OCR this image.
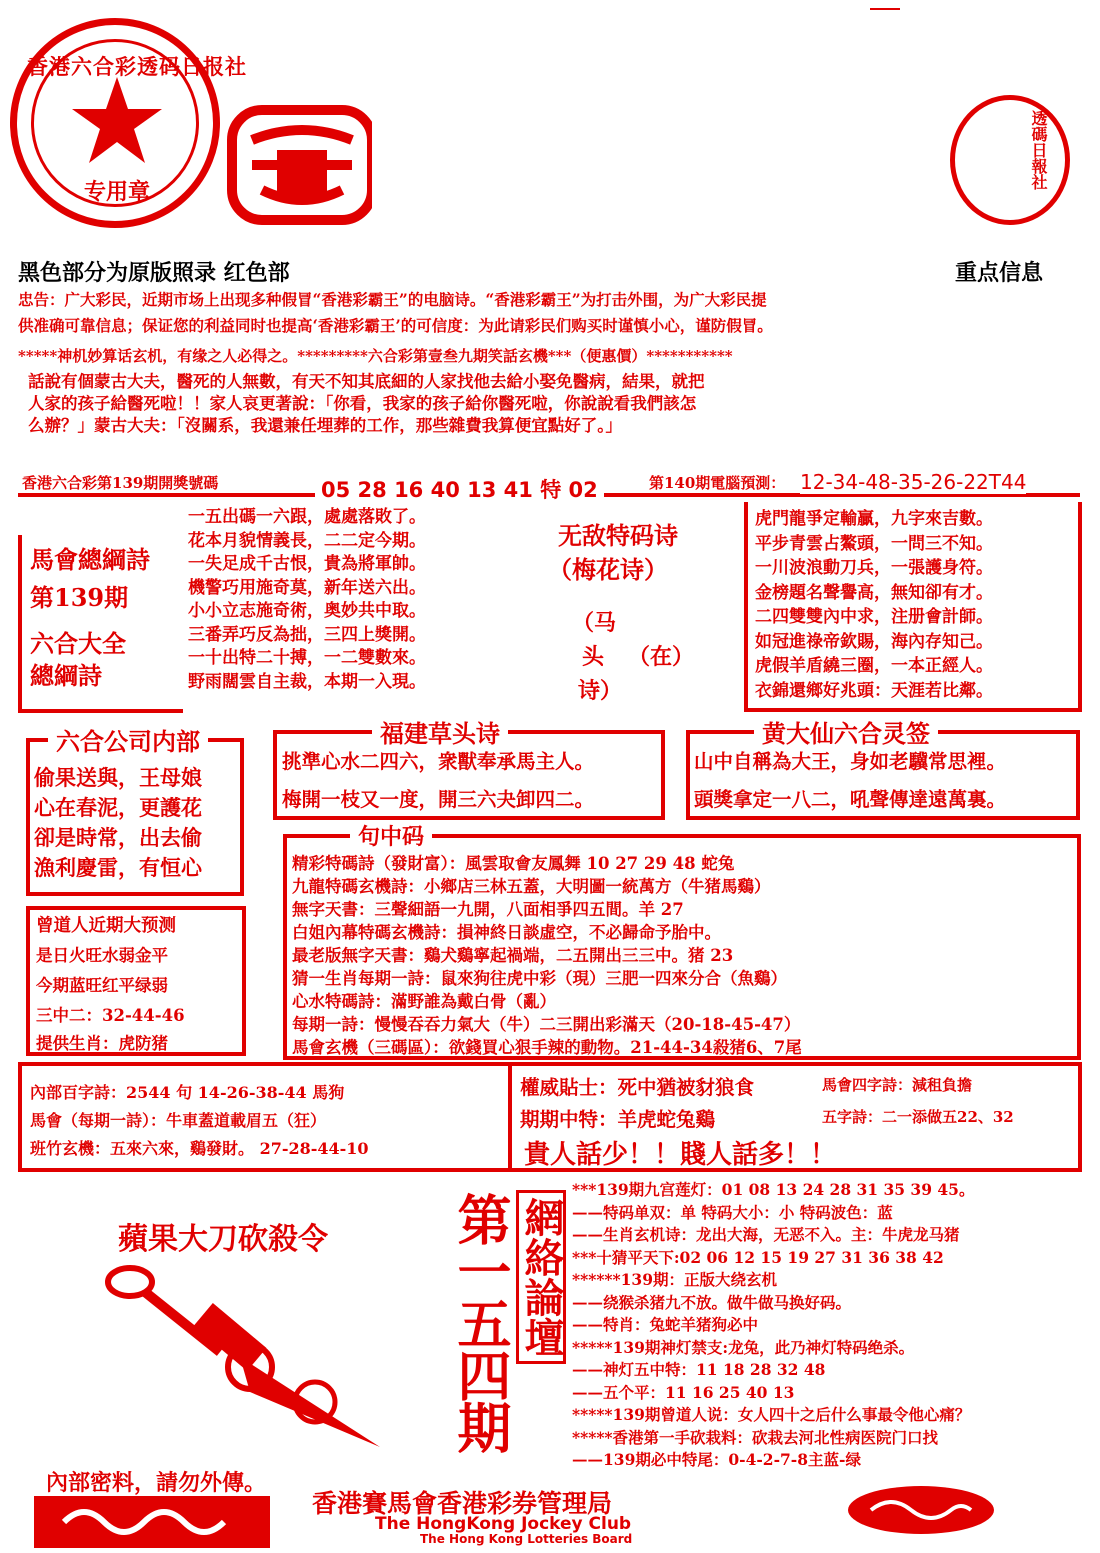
香港六合彩透码日报社
专用章
透碼日報社
黑色部分为原版照录 红色部	重点信息
忠告：广大彩民，近期市场上出现多种假冒“香港彩霸王”的电脑诗。“香港彩霸王”为打击外围，为广大彩民提
供准确可靠信息；保证您的利益同时也提高‘香港彩霸王’的可信度：为此请彩民们购买时谨慎小心，谨防假冒。
*****神机妙算话玄机，有缘之人必得之。*********六合彩第壹叁九期笑話玄機***（便惠價）***********
話說有個蒙古大夫，醫死的人無數，有天不知其底細的人家找他去給小娶免醫病，結果，就把
人家的孩子給醫死啦！！家人哀更著說：「你看，我家的孩子給你醫死啦，你說說看我們該怎
么辦？」蒙古大夫：「沒關系，我還兼任埋葬的工作，那些雜費我算便宜點好了。」
香港六合彩第139期開獎號碼	05 28 16 40 13 41 特 02	第140期電腦預測： 12-34-48-35-26-22T44
馬會總綱詩
第139期
六合大全
總綱詩
一五出碼一六跟，處處落敗了。
花本月貌情義長，二二定今期。
一失足成千古恨，貴為將軍帥。
機警巧用施奇莫，新年送六出。
小小立志施奇術，奥妙共中取。
三番弄巧反為拙，三四上獎開。
一十出特二十搏，一二雙數來。
野雨闊雲自主裁，本期一入現。
无敌特码诗
（梅花诗）
（马
头 （在）
诗）
虎門龍爭定輸贏，九字來吉數。
平步青雲占鰲頭，一問三不知。
一川波浪動刀兵，一張護身符。
金榜題名聲譽高，無知卻有才。
二四雙雙內中求，注册會計師。
如冠進祿帝欽賜，海內存知己。
虎假羊盾繞三圈，一本正經人。
衣錦還鄉好兆頭：天涯若比鄰。
六合公司内部
偷果送與，王母娘
心在春泥，更護花
卻是時常，出去偷
漁利慶雷，有恒心
福建草头诗
挑準心水二四六，衆獸奉承馬主人。
梅開一枝又一度，開三六夬卸四二。
黄大仙六合灵签
山中自稱為大王，身如老驥常思裡。
頭獎拿定一八二，吼聲傳達遠萬裏。
曾道人近期大预测
是日火旺水弱金平
今期蓝旺红平绿弱
三中二：32-44-46
提供生肖：虎防猪
句中码
精彩特碼詩（發財富）：風雲取會友鳳舞 10 27 29 48 蛇兔
九龍特碼玄機詩：小鄉店三林五蓋，大明圖一統萬方（牛猪馬鷄）
無字天書：三聲細語一九開，八面相爭四五間。羊 27
白姐內幕特碼玄機詩：損神終日談虛空，不必歸命予胎中。
最老版無字天書：鷄犬鷄寧起禍端，二五開出三三中。猪 23
猜一生肖每期一詩：鼠來狗往虎中彩（現）三肥一四來分合（魚鷄）
心水特碼詩：滿野誰為戴白骨（亂）
每期一詩：慢慢吞吞力氣大（牛）二三開出彩滿天（20-18-45-47）
馬會玄機（三碼區）：欲錢買心狠手辣的動物。21-44-34殺猪6、7尾
內部百字詩：2544 句 14-26-38-44 馬狗
馬會（每期一詩）：牛車蓋道載眉五（狂）
班竹玄機：五來六來，鷄發財。 27-28-44-10
權威貼士：死中猶被豺狼食	馬會四字詩：減租負擔
期期中特：羊虎蛇兔鷄	五字詩：二一添做五22、32
貴人話少！！賤人話多！！
蘋果大刀砍殺令
內部密料，請勿外傳。
第一五四期 網絡論壇
***139期九宫莲灯：01 08 13 24 28 31 35 39 45。
——特码单双：单 特码大小：小 特码波色：蓝
——生肖玄机诗：龙出大海，无恶不入。主：牛虎龙马猪
***十猜平天下:02 06 12 15 19 27 31 36 38 42
******139期：正版大绕玄机
——绕猴杀猪九不放。做牛做马换好码。
——特肖：兔蛇羊猪狗必中
*****139期神灯禁支:龙兔，此乃神灯特码绝杀。
——神灯五中特：11 18 28 32 48
——五个平：11 16 25 40 13
*****139期曾道人说：女人四十之后什么事最令他心痛？
*****香港第一手砍栽料：砍栽去河北性病医院门口找
——139期必中特尾：0-4-2-7-8主蓝-绿
香港賽馬會香港彩券管理局
The HongKong Jockey Club
The Hong Kong Lotteries Board
